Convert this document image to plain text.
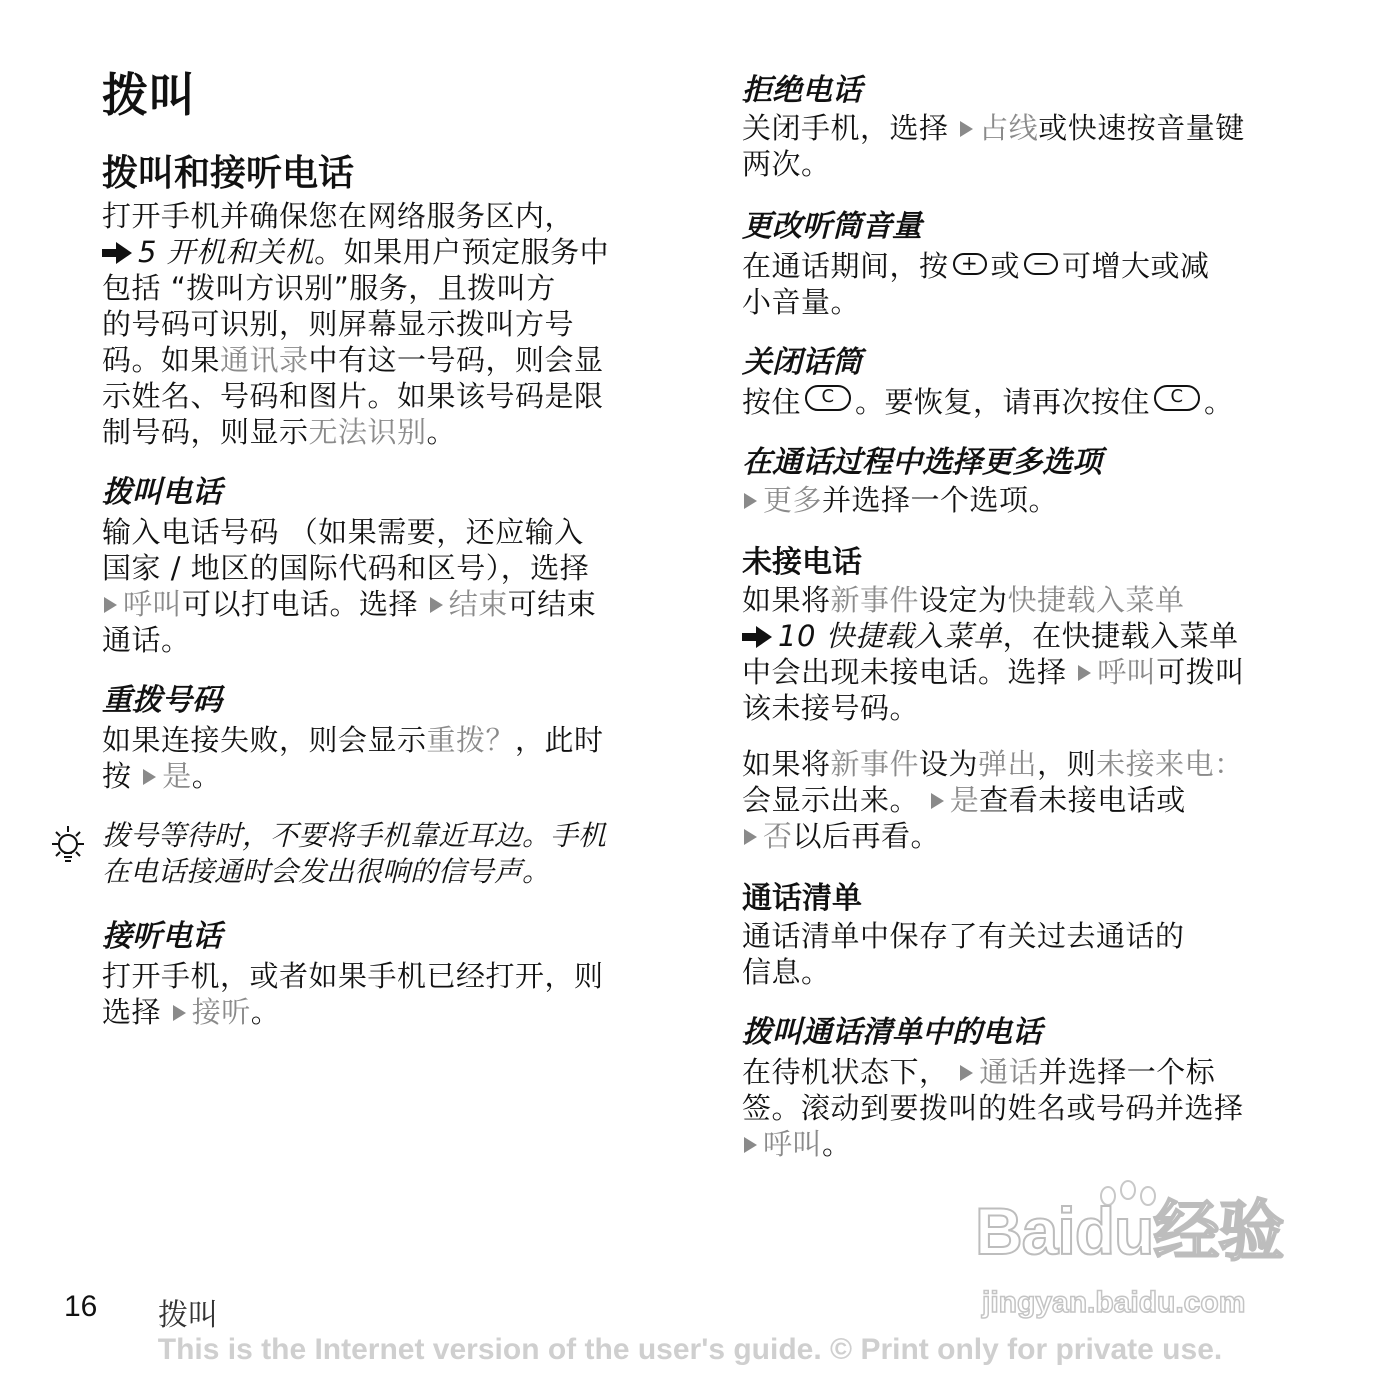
拨叫
拨叫和接听电话
打开手机并确保您在网络服务区内，
5 开机和关机。如果用户预定服务中
包括 “拨叫方识别”服务，且拨叫方
的号码可识别，则屏幕显示拨叫方号
码。如果通讯录中有这一号码，则会显
示姓名、号码和图片。如果该号码是限
制号码，则显示无法识别。
拨叫电话
输入电话号码 （如果需要，还应输入
国家 / 地区的国际代码和区号），选择
呼叫可以打电话。选择 结束可结束
通话。
重拨号码
如果连接失败，则会显示重拨？，此时
按 是。
拨号等待时，不要将手机靠近耳边。手机
在电话接通时会发出很响的信号声。
接听电话
打开手机，或者如果手机已经打开，则
选择 接听。
拒绝电话
关闭手机，选择 占线或快速按音量键
两次。
更改听筒音量
在通话期间，按 + 或 − 可增大或减
小音量。
关闭话筒
按住	C 。要恢复，请再次按住	C 。
在通话过程中选择更多选项
更多并选择一个选项。
未接电话
如果将新事件设定为快捷载入菜单
10 快捷载入菜单，在快捷载入菜单
中会出现未接电话。选择 呼叫可拨叫
该未接号码。
如果将新事件设为弹出，则未接来电：
会显示出来。 是查看未接电话或
否以后再看。
通话清单
通话清单中保存了有关过去通话的
信息。
拨叫通话清单中的电话
在待机状态下， 通话并选择一个标
签。滚动到要拨叫的姓名或号码并选择
呼叫。
Baidu经验
jingyan.baidu.com
16 拨叫
This is the Internet version of the user's guide. © Print only for private use.
